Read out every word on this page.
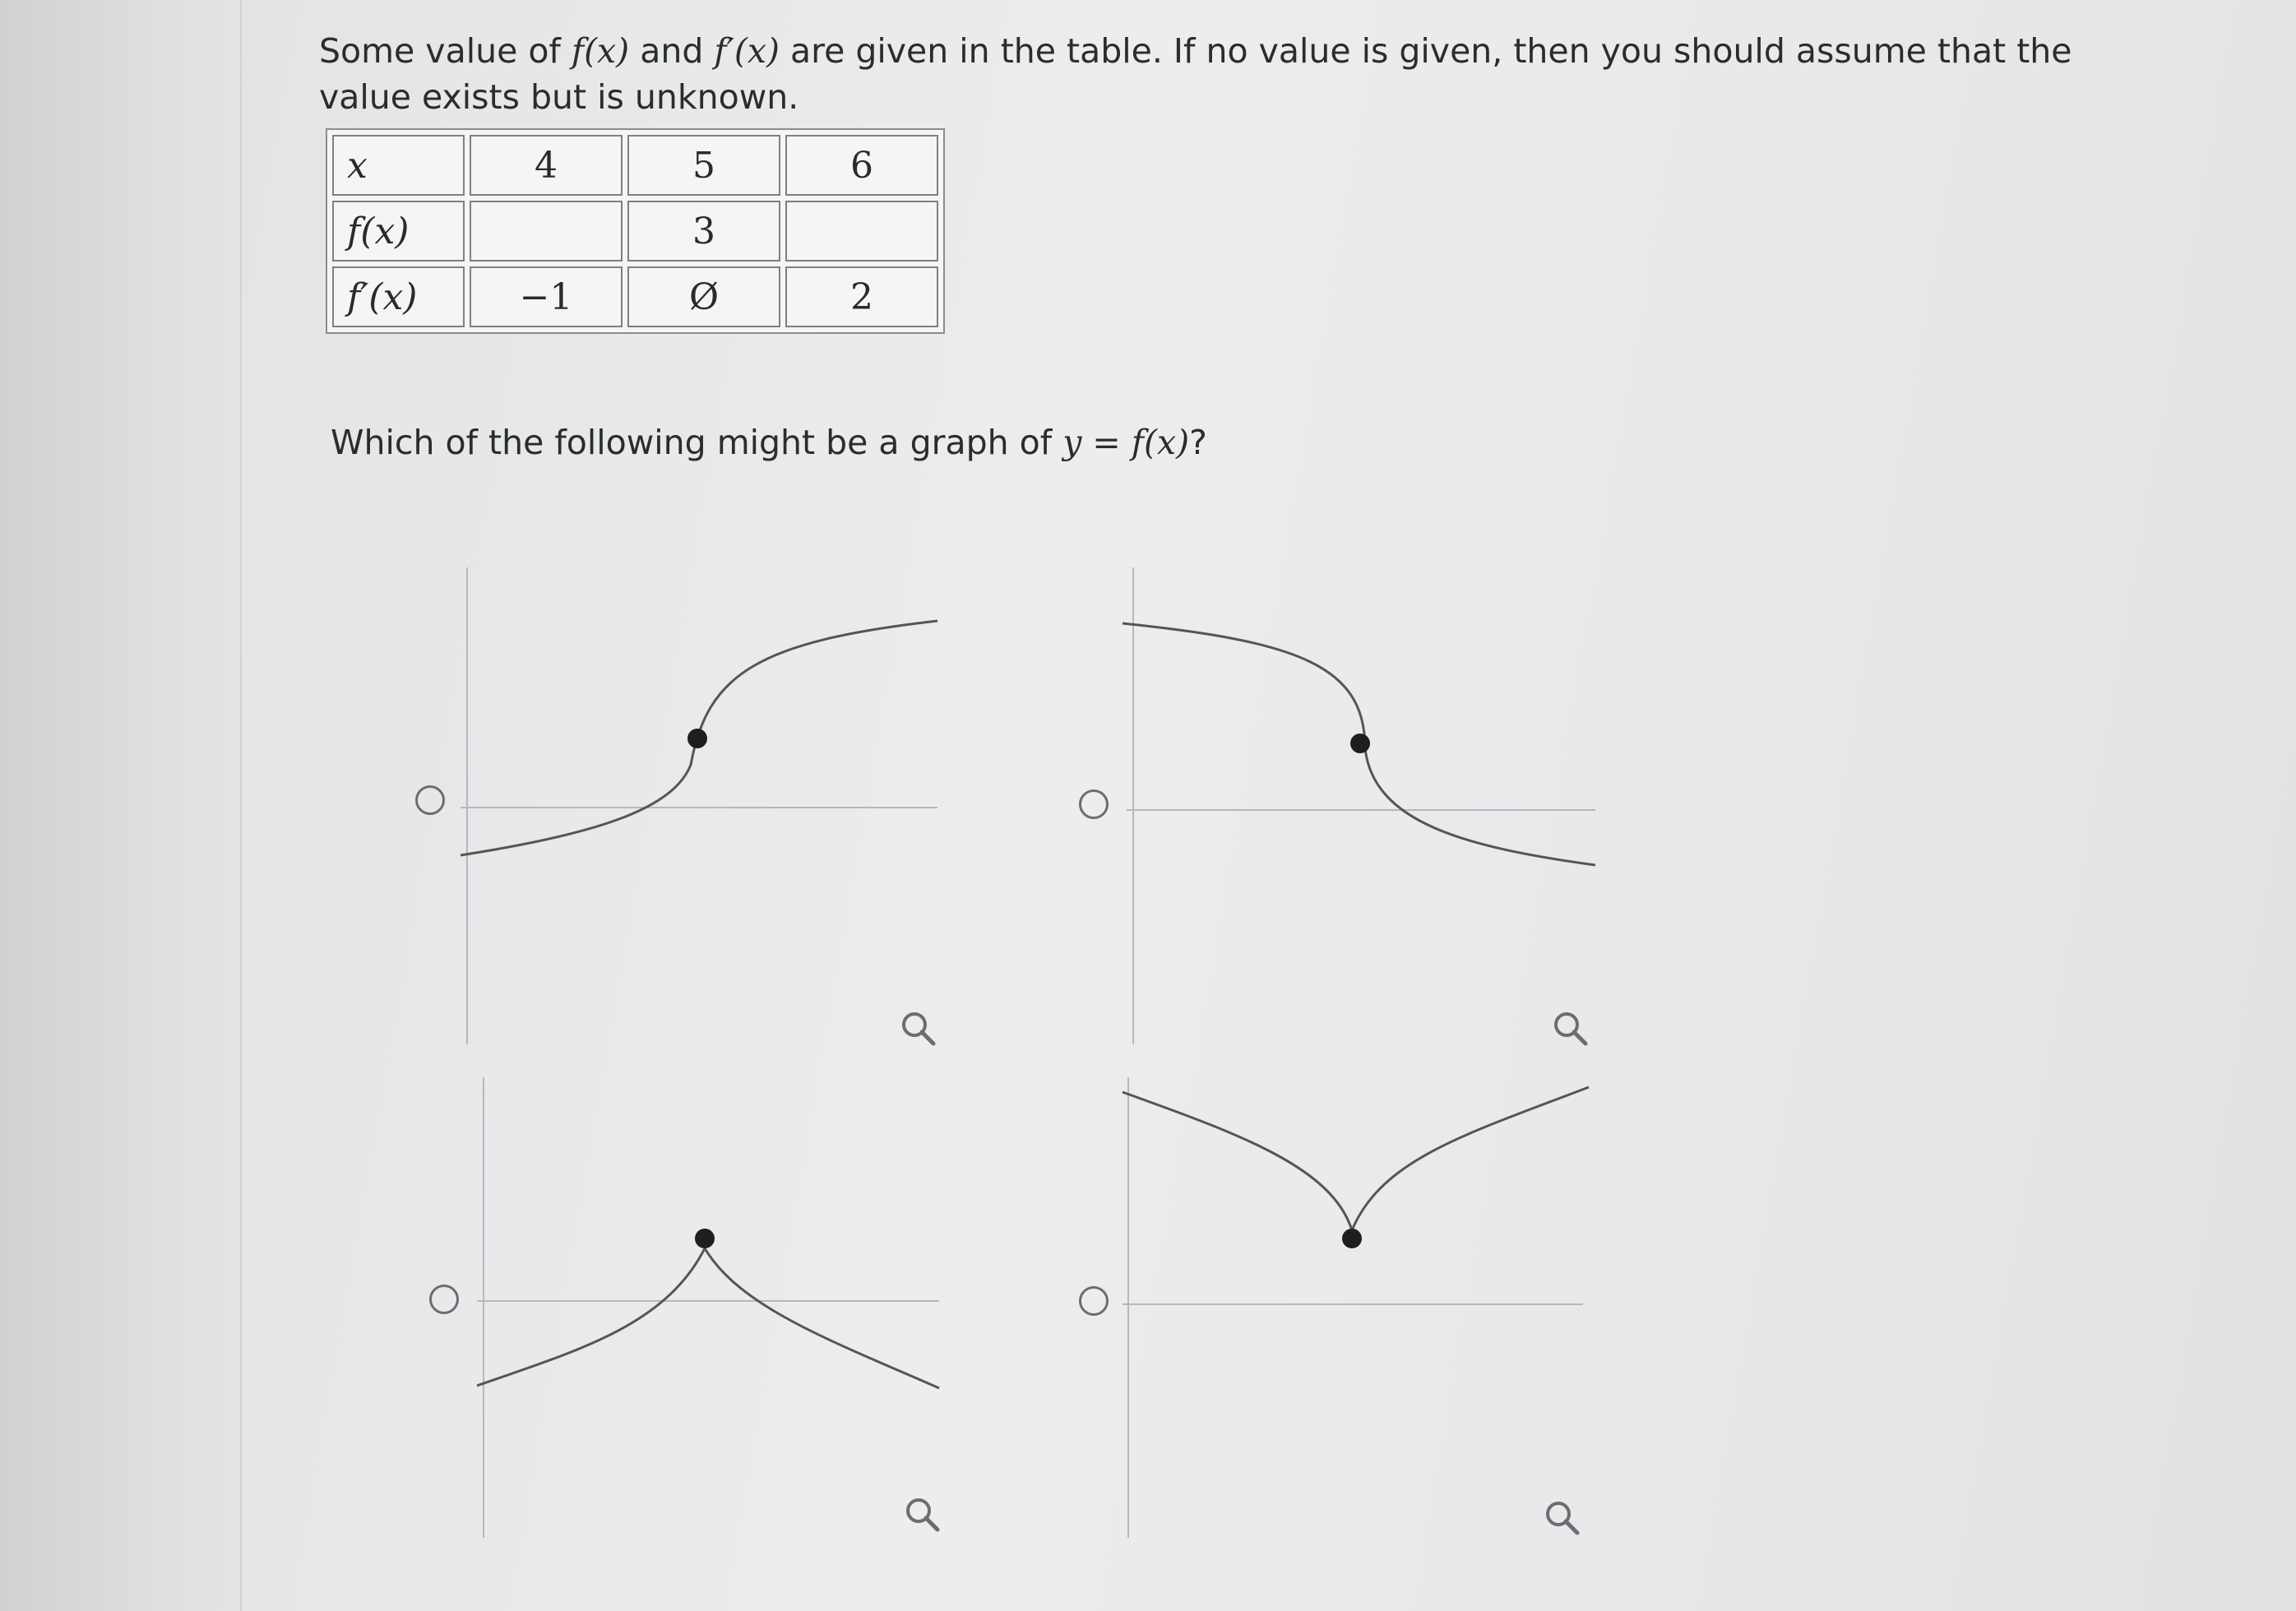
Some value of f(x) and f′(x) are given in the table. If no value is given, then you should assume that the value exists but is unknown.
x	4	5	6
f(x)		3	
f′(x)	−1	Ø	2
Which of the following might be a graph of y = f(x)?
